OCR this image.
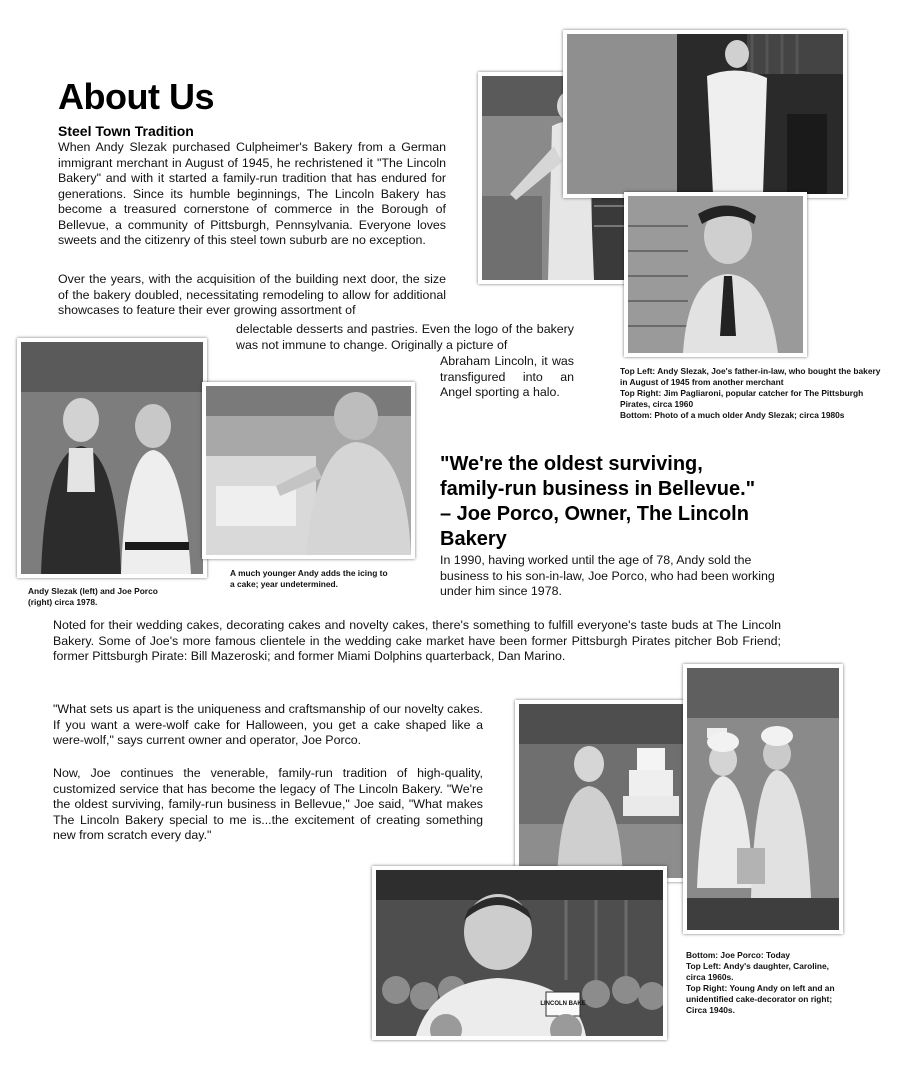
About Us
Steel Town Tradition

When Andy Slezak purchased Culpheimer's Bakery from a German immigrant merchant in August of 1945, he rechristened it "The Lincoln Bakery" and with it started a family-run tradition that has endured for generations. Since its humble beginnings, The Lincoln Bakery has become a treasured cornerstone of commerce in the Borough of Bellevue, a community of Pittsburgh, Pennsylvania. Everyone loves sweets and the citizenry of this steel town suburb are no exception.

Over the years, with the acquisition of the building next door, the size of the bakery doubled, necessitating remodeling to allow for additional showcases to feature their ever growing assortment of

delectable desserts and pastries. Even the logo of the bakery was not immune to change. Originally a picture of

Abraham Lincoln, it was transfigured into an Angel sporting a halo.

Top Left: Andy Slezak, Joe's father-in-law, who bought the bakery in August of 1945 from another merchant
Top Right: Jim Pagliaroni, popular catcher for The Pittsburgh Pirates, circa 1960
Bottom: Photo of a much older Andy Slezak; circa 1980s
Andy Slezak (left) and Joe Porco (right) circa 1978.
A much younger Andy adds the icing to a cake; year undetermined.
"We're the oldest surviving,
family-run business in Bellevue."
– Joe Porco, Owner, The Lincoln Bakery

In 1990, having worked until the age of 78, Andy sold the business to his son-in-law, Joe Porco, who had been working under him since 1978.

Noted for their wedding cakes, decorating cakes and novelty cakes, there's something to fulfill everyone's taste buds at The Lincoln Bakery. Some of Joe's more famous clientele in the wedding cake market have been former Pittsburgh Pirates pitcher Bob Friend; former Pittsburgh Pirate: Bill Mazeroski; and former Miami Dolphins quarterback, Dan Marino.

"What sets us apart is the uniqueness and craftsmanship of our novelty cakes. If you want a were-wolf cake for Halloween, you get a cake shaped like a were-wolf," says current owner and operator, Joe Porco.

Now, Joe continues the venerable, family-run tradition of high-quality, customized service that has become the legacy of The Lincoln Bakery. "We're the oldest surviving, family-run business in Bellevue," Joe said, "What makes The Lincoln Bakery special to me is...the excitement of creating something new from scratch every day."

LINCOLN BAKE
Bottom: Joe Porco: Today
Top Left: Andy's daughter, Caroline, circa 1960s.
Top Right: Young Andy on left and an unidentified cake-decorator on right; Circa 1940s.
